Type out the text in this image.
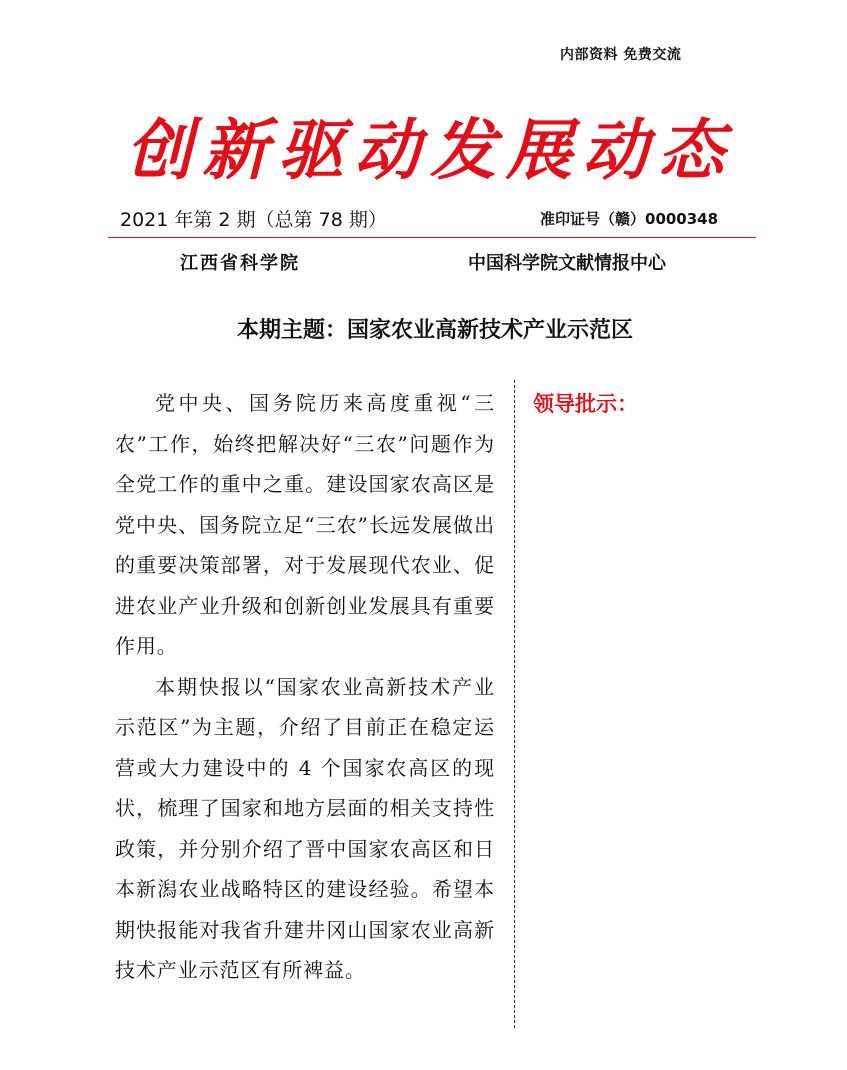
内部资料 免费交流
创新驱动发展动态
2021 年第 2 期（总第 78 期）	准印证号（赣）0000348
江西省科学院	中国科学院文献情报中心
本期主题：国家农业高新技术产业示范区

党中央、国务院历来高度重视“三农”工作，始终把解决好“三农”问题作为全党工作的重中之重。建设国家农高区是党中央、国务院立足“三农”长远发展做出的重要决策部署，对于发展现代农业、促进农业产业升级和创新创业发展具有重要作用。

本期快报以“国家农业高新技术产业示范区”为主题，介绍了目前正在稳定运营或大力建设中的 4 个国家农高区的现状，梳理了国家和地方层面的相关支持性政策，并分别介绍了晋中国家农高区和日本新潟农业战略特区的建设经验。希望本期快报能对我省升建井冈山国家农业高新技术产业示范区有所裨益。

领导批示：
